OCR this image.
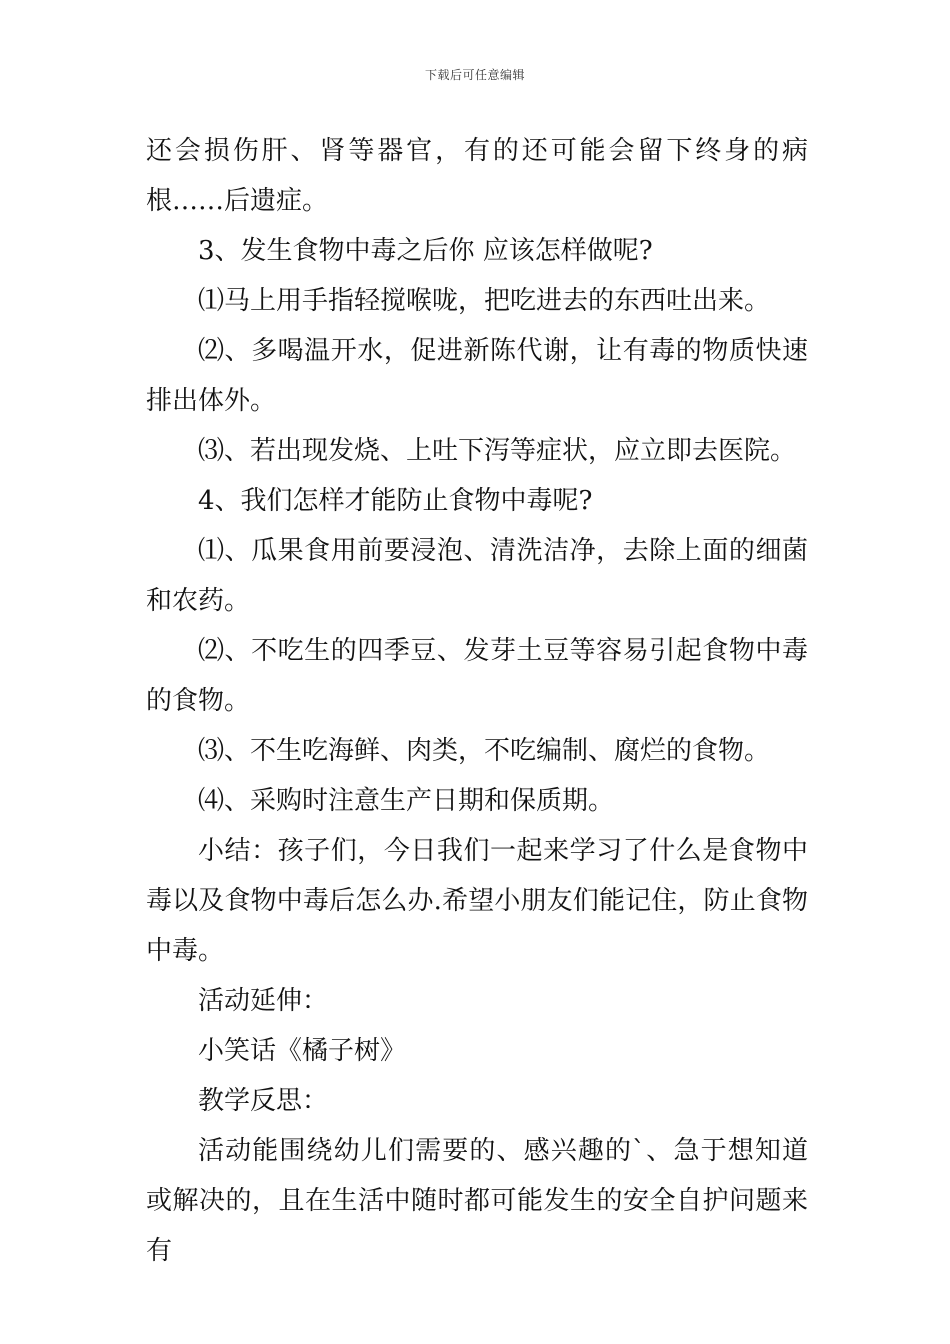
下载后可任意编辑

还会损伤肝、肾等器官，有的还可能会留下终身的病根……后遗症。

3、发生食物中毒之后你 应该怎样做呢?

⑴马上用手指轻搅喉咙，把吃进去的东西吐出来。

⑵、多喝温开水，促进新陈代谢，让有毒的物质快速排出体外。

⑶、若出现发烧、上吐下泻等症状，应立即去医院。

4、我们怎样才能防止食物中毒呢?

⑴、瓜果食用前要浸泡、清洗洁净，去除上面的细菌和农药。

⑵、不吃生的四季豆、发芽土豆等容易引起食物中毒的食物。

⑶、不生吃海鲜、肉类，不吃编制、腐烂的食物。

⑷、采购时注意生产日期和保质期。

小结：孩子们，今日我们一起来学习了什么是食物中毒以及食物中毒后怎么办.希望小朋友们能记住，防止食物中毒。

活动延伸：

小笑话《橘子树》

教学反思：

活动能围绕幼儿们需要的、感兴趣的`、急于想知道或解决的，且在生活中随时都可能发生的安全自护问题来有
